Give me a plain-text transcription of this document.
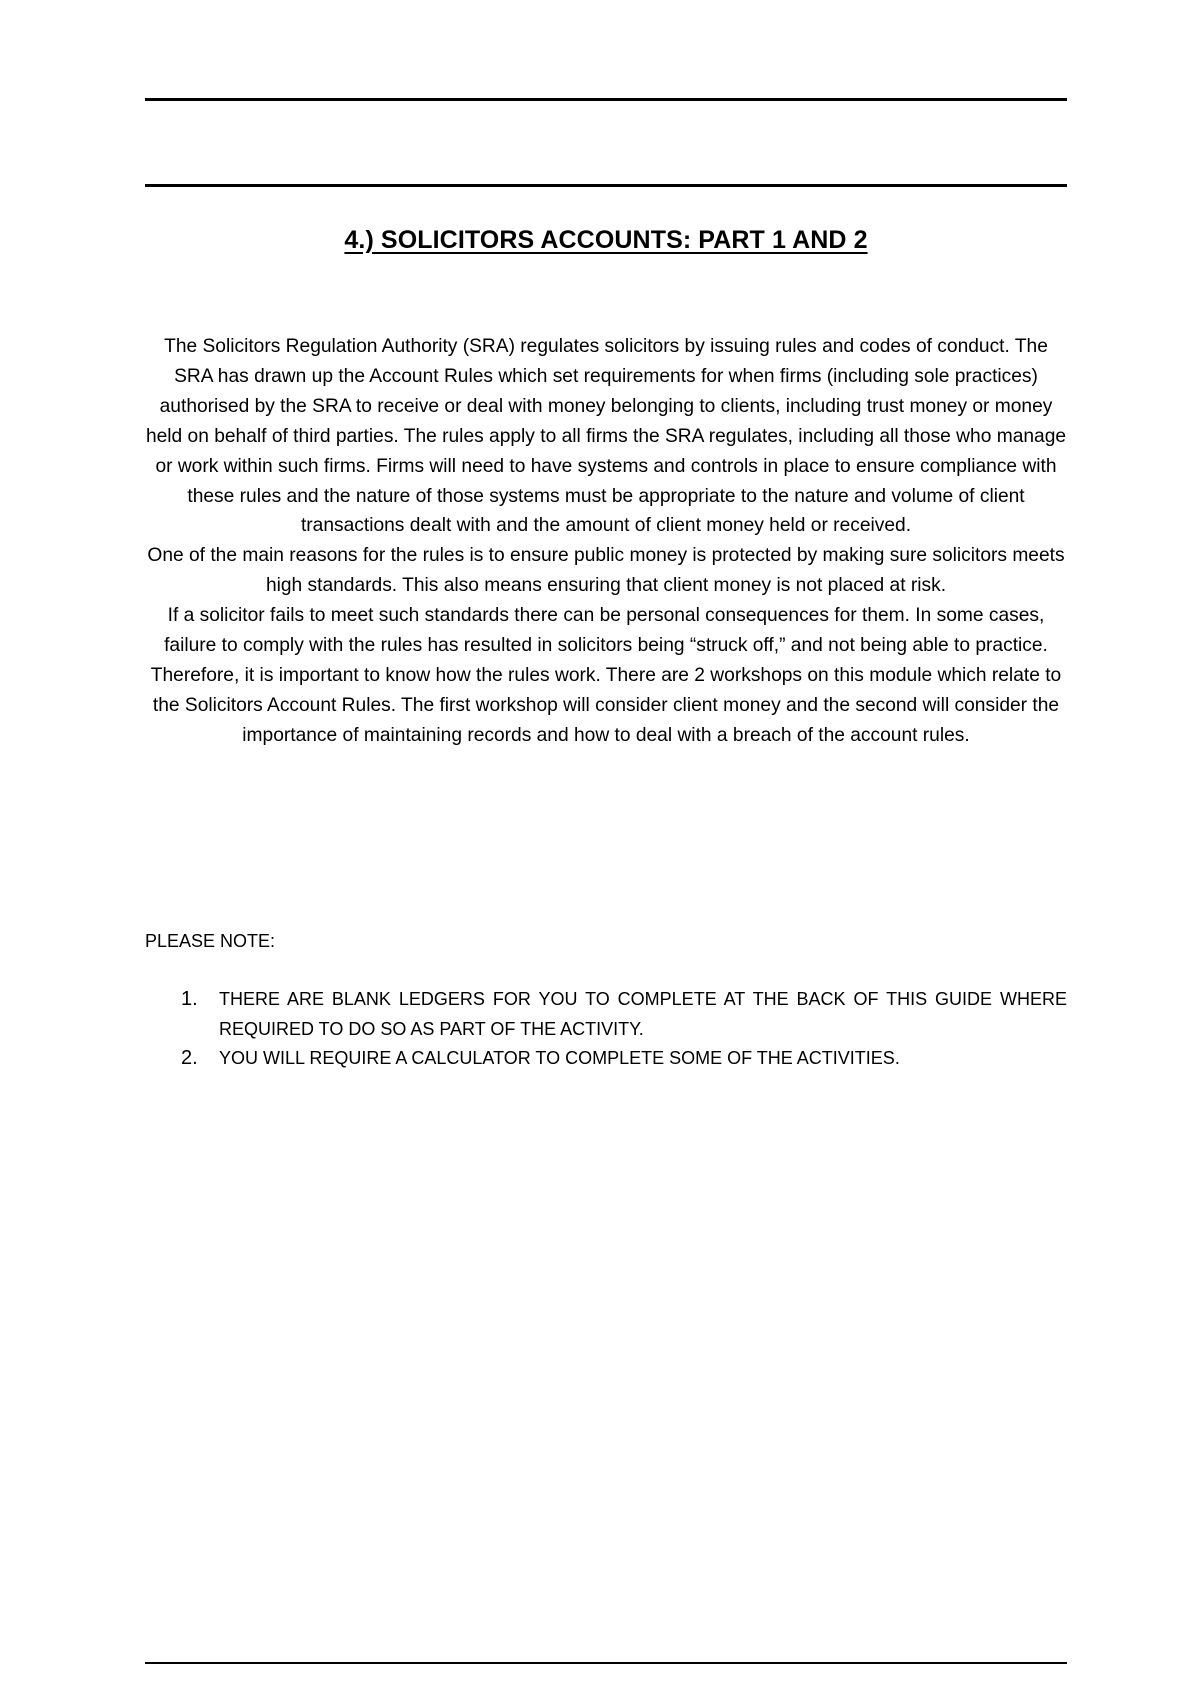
4.) SOLICITORS ACCOUNTS: PART 1 AND 2

The Solicitors Regulation Authority (SRA) regulates solicitors by issuing rules and codes of conduct. The SRA has drawn up the Account Rules which set requirements for when firms (including sole practices) authorised by the SRA to receive or deal with money belonging to clients, including trust money or money held on behalf of third parties. The rules apply to all firms the SRA regulates, including all those who manage or work within such firms. Firms will need to have systems and controls in place to ensure compliance with these rules and the nature of those systems must be appropriate to the nature and volume of client transactions dealt with and the amount of client money held or received.

One of the main reasons for the rules is to ensure public money is protected by making sure solicitors meets high standards. This also means ensuring that client money is not placed at risk.

If a solicitor fails to meet such standards there can be personal consequences for them. In some cases, failure to comply with the rules has resulted in solicitors being “struck off,” and not being able to practice. Therefore, it is important to know how the rules work. There are 2 workshops on this module which relate to the Solicitors Account Rules. The first workshop will consider client money and the second will consider the importance of maintaining records and how to deal with a breach of the account rules.

PLEASE NOTE:
1. THERE ARE BLANK LEDGERS FOR YOU TO COMPLETE AT THE BACK OF THIS GUIDE WHERE REQUIRED TO DO SO AS PART OF THE ACTIVITY.
2. YOU WILL REQUIRE A CALCULATOR TO COMPLETE SOME OF THE ACTIVITIES.
